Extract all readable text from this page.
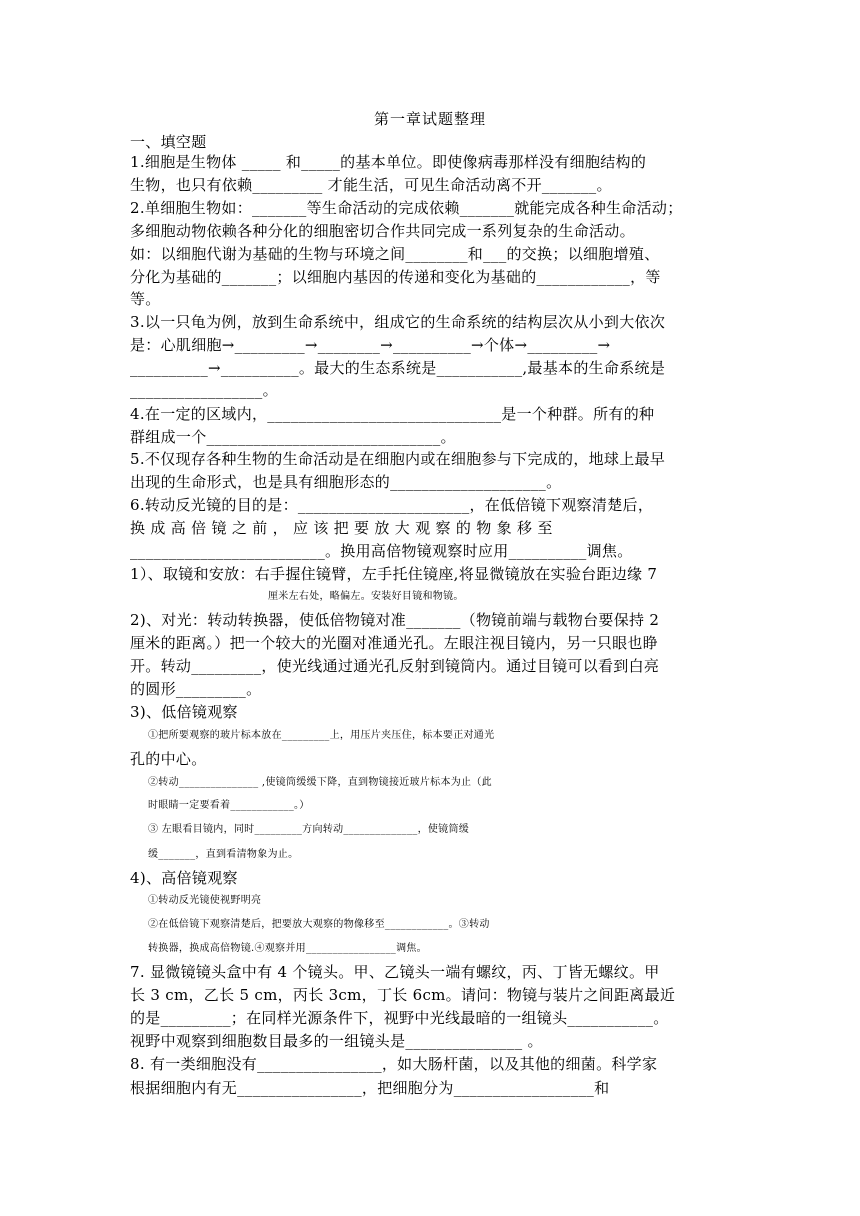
第一章试题整理
一、填空题
1.细胞是生物体 _____ 和_____的基本单位。即使像病毒那样没有细胞结构的
生物，也只有依赖_________ 才能生活，可见生命活动离不开_______。
2.单细胞生物如：_______等生命活动的完成依赖_______就能完成各种生命活动；
多细胞动物依赖各种分化的细胞密切合作共同完成一系列复杂的生命活动。
如：以细胞代谢为基础的生物与环境之间________和___的交换；以细胞增殖、
分化为基础的_______；以细胞内基因的传递和变化为基础的____________，等
等。
3.以一只龟为例，放到生命系统中，组成它的生命系统的结构层次从小到大依次
是：心肌细胞→_________→________→__________→个体→_________→
__________→__________。最大的生态系统是___________,最基本的生命系统是
_________________。
4.在一定的区域内，______________________________是一个种群。所有的种
群组成一个______________________________。
5.不仅现存各种生物的生命活动是在细胞内或在细胞参与下完成的，地球上最早
出现的生命形式，也是具有细胞形态的____________________。
6.转动反光镜的目的是：______________________，在低倍镜下观察清楚后，
换 成 高 倍 镜 之 前 ， 应 该 把 要 放 大 观 察 的 物 象 移 至
_________________________。换用高倍物镜观察时应用__________调焦。
1）、取镜和安放：右手握住镜臂，左手托住镜座,将显微镜放在实验台距边缘 7
厘米左右处，略偏左。安装好目镜和物镜。
2)、对光：转动转换器，使低倍物镜对准_______（物镜前端与载物台要保持 2
厘米的距离。）把一个较大的光圈对准通光孔。左眼注视目镜内，另一只眼也睁
开。转动_________，使光线通过通光孔反射到镜筒内。通过目镜可以看到白亮
的圆形_________。
3)、低倍镜观察
①把所要观察的玻片标本放在_________上，用压片夹压住，标本要正对通光
孔的中心。
②转动_______________ ,使镜筒缓缓下降，直到物镜接近玻片标本为止（此
时眼睛一定要看着____________。）
③ 左眼看目镜内，同时_________方向转动______________，使镜筒缓
缓_______，直到看清物象为止。
4)、高倍镜观察
①转动反光镜使视野明亮
②在低倍镜下观察清楚后，把要放大观察的物像移至____________。③转动
转换器，换成高倍物镜.④观察并用_________________调焦。
7. 显微镜镜头盒中有 4 个镜头。甲、乙镜头一端有螺纹，丙、丁皆无螺纹。甲
长 3 cm，乙长 5 cm，丙长 3cm，丁长 6cm。请问：物镜与装片之间距离最近
的是_________；在同样光源条件下，视野中光线最暗的一组镜头___________。
视野中观察到细胞数目最多的一组镜头是_______________ 。
8. 有一类细胞没有________________，如大肠杆菌，以及其他的细菌。科学家
根据细胞内有无________________，把细胞分为__________________和
